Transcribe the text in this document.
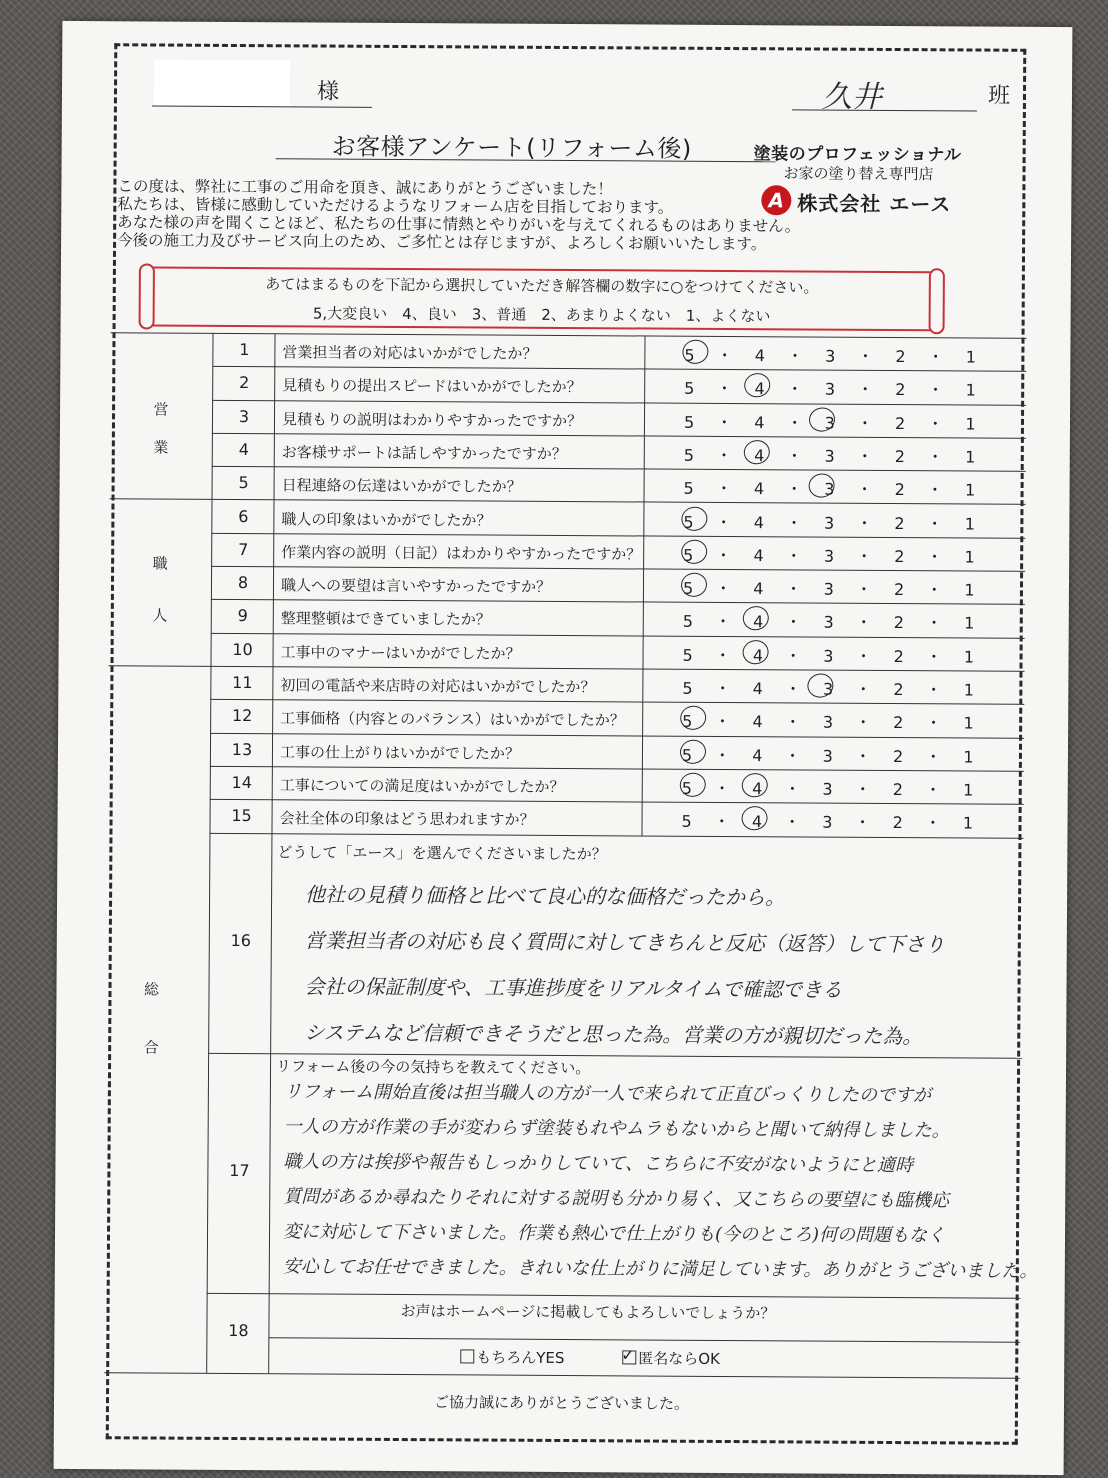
様	久井	班
お客様アンケート(リフォーム後)	塗装のプロフェッショナル
お家の塗り替え専門店
A 株式会社 エース
この度は、弊社に工事のご用命を頂き、誠にありがとうございました！
私たちは、皆様に感動していただけるようなリフォーム店を目指しております。
あなた様の声を聞くことほど、私たちの仕事に情熱とやりがいを与えてくれるものはありません。
今後の施工力及びサービス向上のため、ご多忙とは存じますが、よろしくお願いいたします。
あてはまるものを下記から選択していただき解答欄の数字に○をつけてください。
5,大変良い　4、良い　3、普通　2、あまりよくない　1、よくない
営
業
職
人
総
合
1	営業担当者の対応はいかがでしたか？	5 ・ 4 ・ 3 ・ 2 ・ 1
2	見積もりの提出スピードはいかがでしたか？	5 ・ 4 ・ 3 ・ 2 ・ 1
3	見積もりの説明はわかりやすかったですか？	5 ・ 4 ・ 3 ・ 2 ・ 1
4	お客様サポートは話しやすかったですか？	5 ・ 4 ・ 3 ・ 2 ・ 1
5	日程連絡の伝達はいかがでしたか？	5 ・ 4 ・ 3 ・ 2 ・ 1
6	職人の印象はいかがでしたか？	5 ・ 4 ・ 3 ・ 2 ・ 1
7	作業内容の説明（日記）はわかりやすかったですか？	5 ・ 4 ・ 3 ・ 2 ・ 1
8	職人への要望は言いやすかったですか？	5 ・ 4 ・ 3 ・ 2 ・ 1
9	整理整頓はできていましたか？	5 ・ 4 ・ 3 ・ 2 ・ 1
10	工事中のマナーはいかがでしたか？	5 ・ 4 ・ 3 ・ 2 ・ 1
11	初回の電話や来店時の対応はいかがでしたか？	5 ・ 4 ・ 3 ・ 2 ・ 1
12	工事価格（内容とのバランス）はいかがでしたか？	5 ・ 4 ・ 3 ・ 2 ・ 1
13	工事の仕上がりはいかがでしたか？	5 ・ 4 ・ 3 ・ 2 ・ 1
14	工事についての満足度はいかがでしたか？	5 ・ 4 ・ 3 ・ 2 ・ 1
15	会社全体の印象はどう思われますか？	5 ・ 4 ・ 3 ・ 2 ・ 1
16
どうして「エース」を選んでくださいましたか？
他社の見積り価格と比べて良心的な価格だったから。
営業担当者の対応も良く質問に対してきちんと反応（返答）して下さり
会社の保証制度や、工事進捗度をリアルタイムで確認できる
システムなど信頼できそうだと思った為。営業の方が親切だった為。
17
リフォーム後の今の気持ちを教えてください。
リフォーム開始直後は担当職人の方が一人で来られて正直びっくりしたのですが
一人の方が作業の手が変わらず塗装もれやムラもないからと聞いて納得しました。
職人の方は挨拶や報告もしっかりしていて、こちらに不安がないようにと適時
質問があるか尋ねたりそれに対する説明も分かり易く、又こちらの要望にも臨機応
変に対応して下さいました。作業も熱心で仕上がりも(今のところ)何の問題もなく
安心してお任せできました。きれいな仕上がりに満足しています。ありがとうございました。
18
お声はホームページに掲載してもよろしいでしょうか？
もちろんYES	✓ 匿名ならOK
ご協力誠にありがとうございました。
